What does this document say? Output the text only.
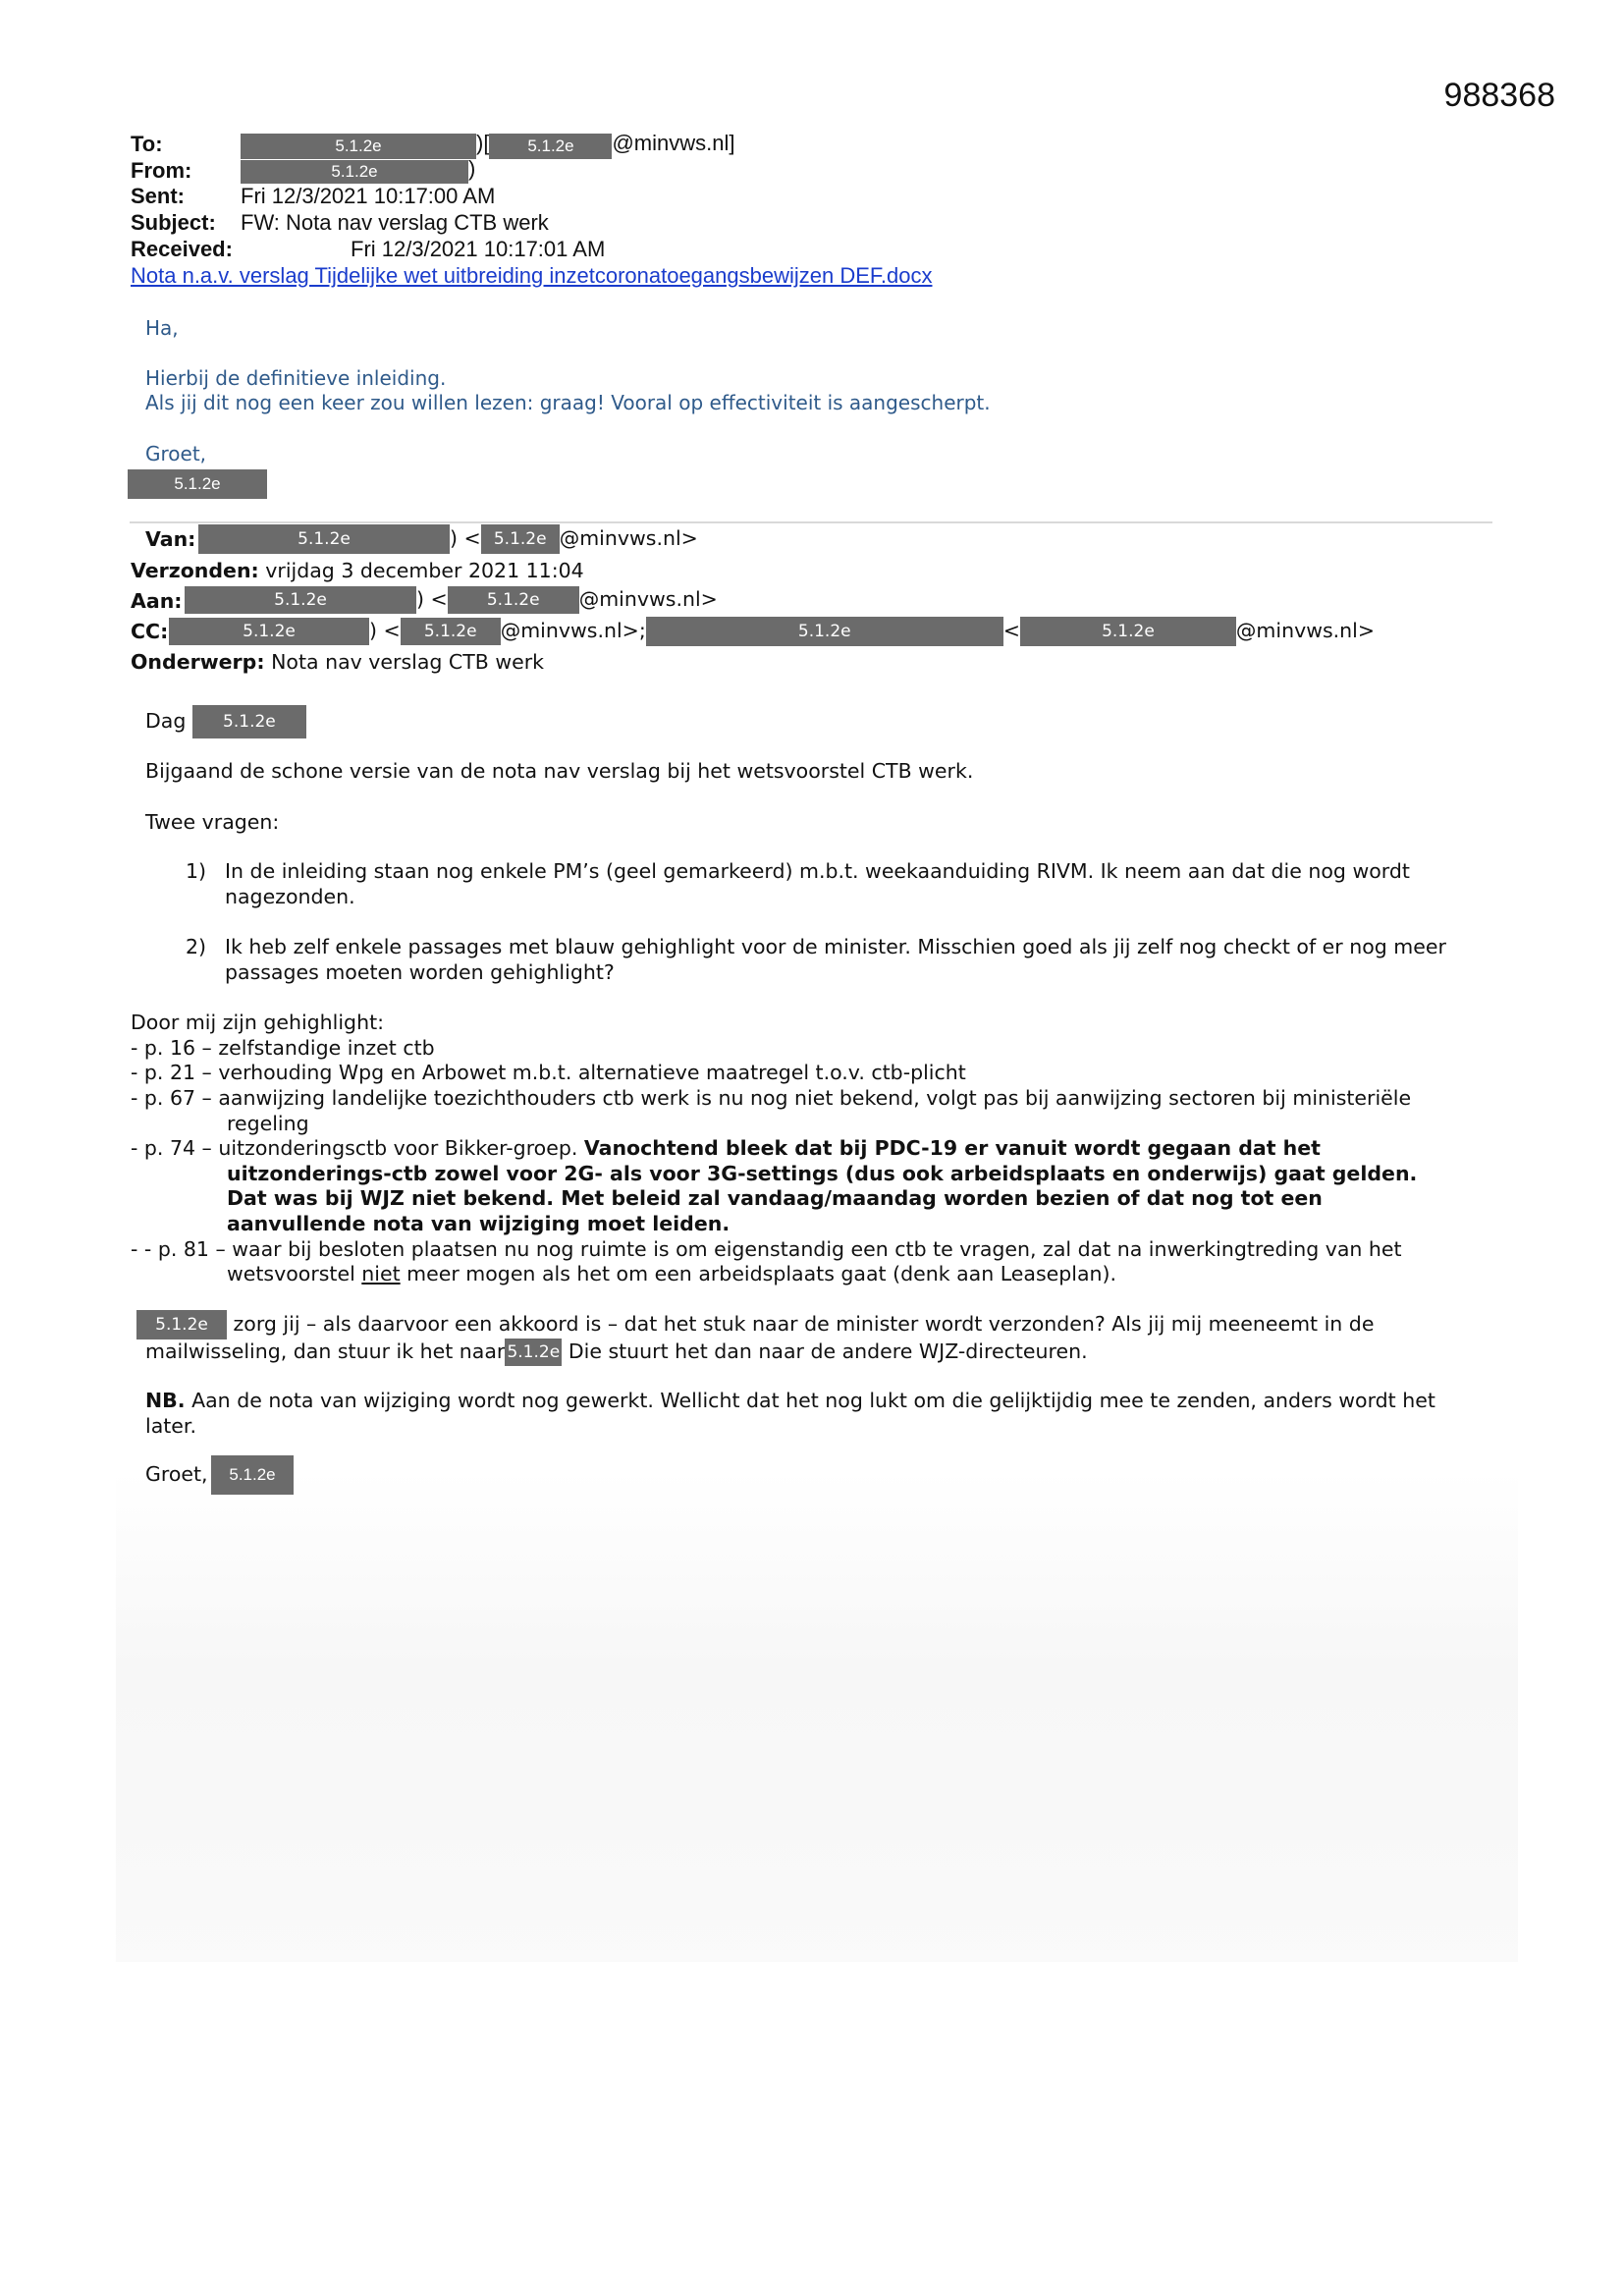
988368
To:	5.1.2e	)[ 5.1.2e @minvws.nl]
From:	5.1.2e	)
Sent:	Fri 12/3/2021 10:17:00 AM
Subject: FW: Nota nav verslag CTB werk
Received:	Fri 12/3/2021 10:17:01 AM
Nota n.a.v. verslag Tijdelijke wet uitbreiding inzetcoronatoegangsbewijzen DEF.docx
Ha,
Hierbij de definitieve inleiding.
Als jij dit nog een keer zou willen lezen: graag! Vooral op effectiviteit is aangescherpt.
Groet,
5.1.2e
Van:	5.1.2e	) < 5.1.2e @minvws.nl>
Verzonden: vrijdag 3 december 2021 11:04
Aan:	5.1.2e	) < 5.1.2e @minvws.nl>
CC:	5.1.2e	) < 5.1.2e @minvws.nl>;	5.1.2e	<	5.1.2e	@minvws.nl>
Onderwerp: Nota nav verslag CTB werk
Dag 5.1.2e
Bijgaand de schone versie van de nota nav verslag bij het wetsvoorstel CTB werk.
Twee vragen:
1) In de inleiding staan nog enkele PM’s (geel gemarkeerd) m.b.t. weekaanduiding RIVM. Ik neem aan dat die nog wordt
nagezonden.
2) Ik heb zelf enkele passages met blauw gehighlight voor de minister. Misschien goed als jij zelf nog checkt of er nog meer
passages moeten worden gehighlight?
Door mij zijn gehighlight:
- p. 16 – zelfstandige inzet ctb
- p. 21 – verhouding Wpg en Arbowet m.b.t. alternatieve maatregel t.o.v. ctb-plicht
- p. 67 – aanwijzing landelijke toezichthouders ctb werk is nu nog niet bekend, volgt pas bij aanwijzing sectoren bij ministeriële
regeling
- p. 74 – uitzonderingsctb voor Bikker-groep. Vanochtend bleek dat bij PDC-19 er vanuit wordt gegaan dat het
uitzonderings-ctb zowel voor 2G- als voor 3G-settings (dus ook arbeidsplaats en onderwijs) gaat gelden.
Dat was bij WJZ niet bekend. Met beleid zal vandaag/maandag worden bezien of dat nog tot een
aanvullende nota van wijziging moet leiden.
- - p. 81 – waar bij besloten plaatsen nu nog ruimte is om eigenstandig een ctb te vragen, zal dat na inwerkingtreding van het
wetsvoorstel niet meer mogen als het om een arbeidsplaats gaat (denk aan Leaseplan).
5.1.2e zorg jij – als daarvoor een akkoord is – dat het stuk naar de minister wordt verzonden? Als jij mij meeneemt in de
mailwisseling, dan stuur ik het naar 5.1.2e Die stuurt het dan naar de andere WJZ-directeuren.
NB. Aan de nota van wijziging wordt nog gewerkt. Wellicht dat het nog lukt om die gelijktijdig mee te zenden, anders wordt het
later.
Groet,	5.1.2e
